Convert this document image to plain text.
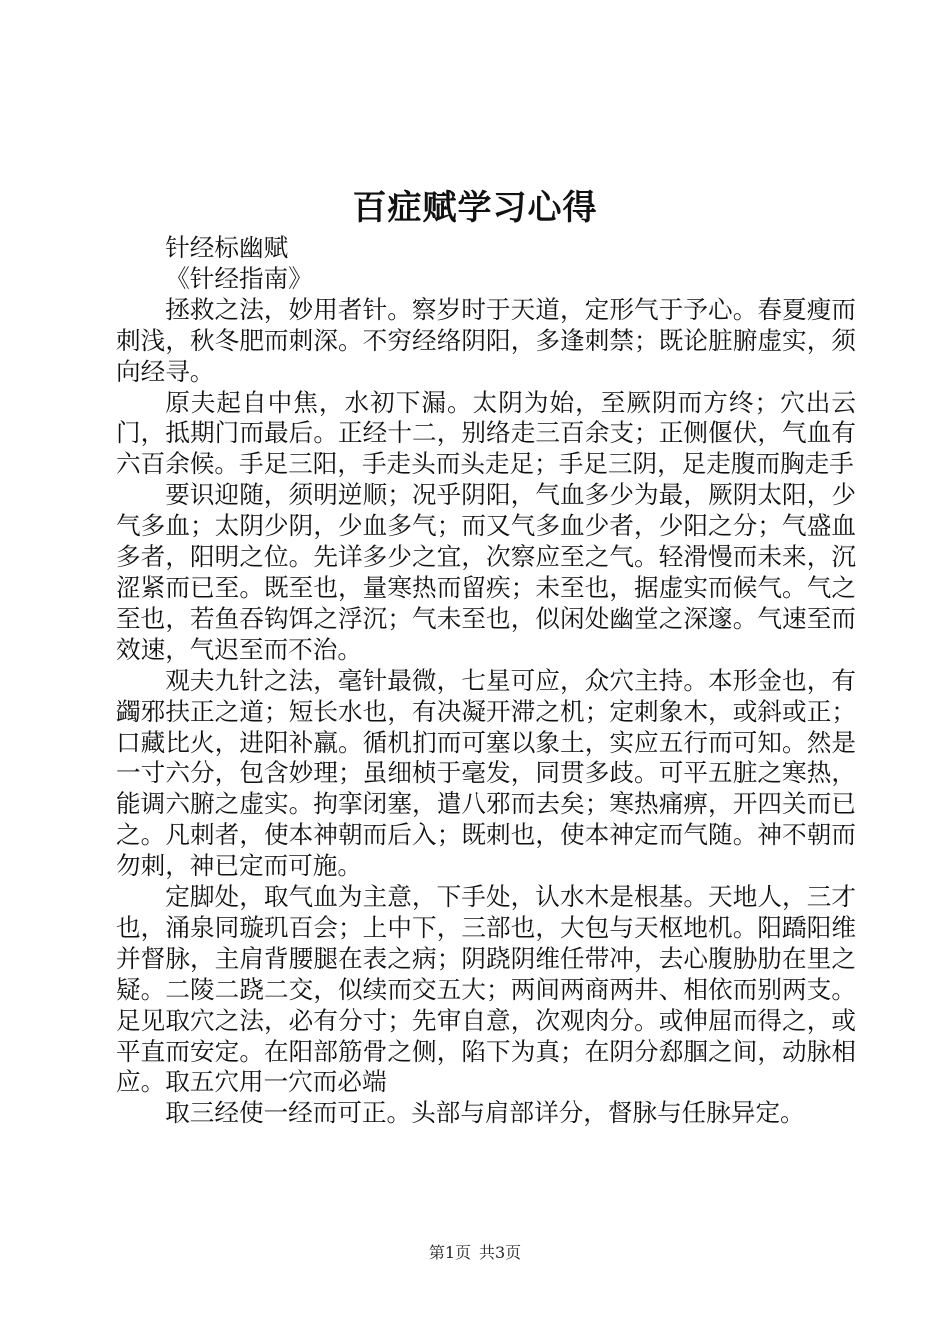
百症赋学习心得

针经标幽赋

《针经指南》

拯救之法，妙用者针。察岁时于天道，定形气于予心。春夏瘦而刺浅，秋冬肥而刺深。不穷经络阴阳，多逢刺禁；既论脏腑虚实，须向经寻。

原夫起自中焦，水初下漏。太阴为始，至厥阴而方终；穴出云门，抵期门而最后。正经十二，别络走三百余支；正侧偃伏，气血有六百余候。手足三阳，手走头而头走足；手足三阴，足走腹而胸走手

要识迎随，须明逆顺；况乎阴阳，气血多少为最，厥阴太阳，少气多血；太阴少阴，少血多气；而又气多血少者，少阳之分；气盛血多者，阳明之位。先详多少之宜，次察应至之气。轻滑慢而未来，沉涩紧而已至。既至也，量寒热而留疾；未至也，据虚实而候气。气之至也，若鱼吞钩饵之浮沉；气未至也，似闲处幽堂之深邃。气速至而效速，气迟至而不治。

观夫九针之法，毫针最微，七星可应，众穴主持。本形金也，有蠲邪扶正之道；短长水也，有决凝开滞之机；定刺象木，或斜或正；口藏比火，进阳补羸。循机扪而可塞以象土，实应五行而可知。然是一寸六分，包含妙理；虽细桢于毫发，同贯多歧。可平五脏之寒热，能调六腑之虚实。拘挛闭塞，遣八邪而去矣；寒热痛痹，开四关而已之。凡刺者，使本神朝而后入；既刺也，使本神定而气随。神不朝而勿刺，神已定而可施。

定脚处，取气血为主意，下手处，认水木是根基。天地人，三才也，涌泉同璇玑百会；上中下，三部也，大包与天枢地机。阳蹻阳维并督脉，主肩背腰腿在表之病；阴跷阴维任带冲，去心腹胁肋在里之疑。二陵二跷二交，似续而交五大；两间两商两井、相依而别两支。足见取穴之法，必有分寸；先审自意，次观肉分。或伸屈而得之，或平直而安定。在阳部筋骨之侧，陷下为真；在阴分郄腘之间，动脉相应。取五穴用一穴而必端

取三经使一经而可正。头部与肩部详分，督脉与任脉异定。

第1页 共3页
